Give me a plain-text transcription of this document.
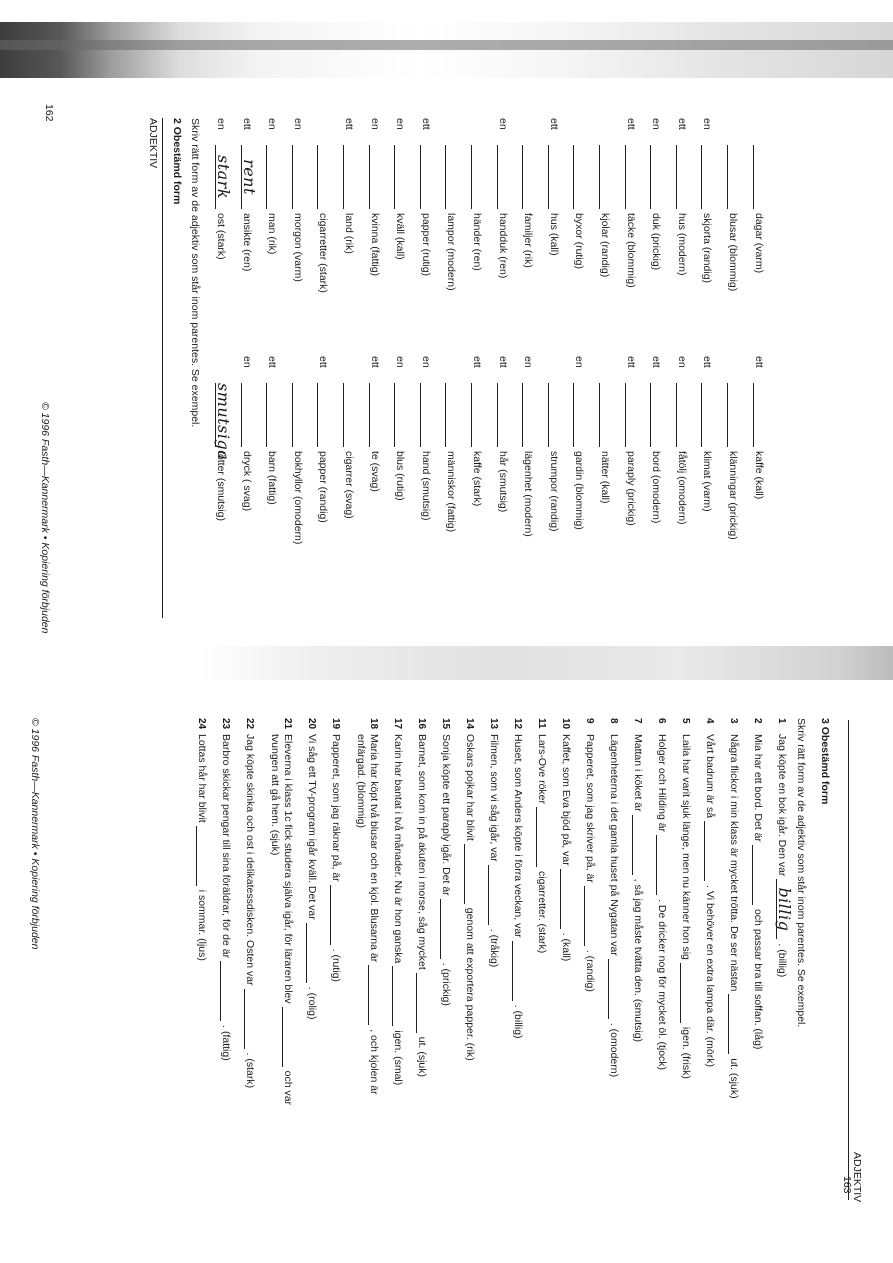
ADJEKTIV 2 Obestämd form Skriv rätt form av de adjektiv som står inom parentes. Se exempel. en
stark
ost (stark)
ett
rent
ansikte (ren)
en
man (rik)
en
morgon (varm) cigarretter (stark)
ett
land (rik)
en
kvinna (fattig)
en
kväll (kall)
ett
papper (rutig) lampor (modern) händer (ren)
en
handduk (ren) familjer (rik)
ett
hus (kall) byxor (rutig) kjolar (randig)
ett
täcke (blommig)
en
duk (prickig)
ett
hus (modern)
en
skjorta (randig) blusar (blommig) dagar (varm)
smutsiga
fötter (smutsig)
en
dryck ( svag)
ett
barn (fattig) bokhyllor (omodern)
ett
papper (randig) cigarrer (svag)
ett
te (svag)
en
blus (rutig)
en
hand (smutsig) människor (fattig)
ett
kaffe (stark)
ett
hår (smutsig)
en
lägenhet (modern) strumpor (randig)
en
gardin (blommig) nätter (kall)
ett
paraply (prickig)
ett
bord (omodern)
en
fåtölj (omodern)
ett
klimat (varm) klänningar (prickig)
ett
kaffe (kall)
162
© 1996 Fasth—Kannermark • Kopiering förbjuden
ADJEKTIV
3 Obestämd form
Skriv rätt form av de adjektiv som står inom parentes. Se exempel.
1
Jag köpte en bok igår. Den var
billig
. (billig)
2
Mia har ett bord. Det är
och passar bra till soffan. (låg)
3
Några flickor i min klass är mycket trötta. De ser nästan
ut. (sjuk)
4
Vårt badrum är så
. Vi behöver en extra lampa där. (mörk)
5
Laila har varit sjuk länge, men nu känner hon sig
igen. (frisk)
6
Holger och Hilding är
. De dricker nog för mycket öl. (tjock)
7
Mattan i köket är
, så jag måste tvätta den. (smutsig)
8
Lägenheterna i det gamla huset på Nygatan var
. (omodern)
9
Papperet, som jag skriver på, är
. (randig)
10
Kaffet, som Eva bjöd på, var
. (kall)
11
Lars-Ove röker
cigarretter. (stark)
12
Huset, som Anders köpte i förra veckan, var
. (billig)
13
Filmen, som vi såg igår, var
. (tråkig)
14
Oskars pojkar har blivit
genom att exportera papper. (rik)
15
Sonja köpte ett paraply igår. Det är
. (prickig)
16
Barnet, som kom in på akuten i morse, såg mycket
ut. (sjuk)
17
Karin har bantat i två månader. Nu är hon ganska
igen. (smal)
18
Maria har köpt två blusar och en kjol. Blusarna är
, och kjolen är
enfärgad. (blommig)
19
Papperet, som jag räknar på, är
. (rutig)
20
Vi såg ett TV-program igår kväll. Det var
. (rolig)
21
Eleverna i klass 1c fick studera själva igår, för läraren blev
och var
tvungen att gå hem. (sjuk)
22
Jag köpte skinka och ost i delikatessdisken. Osten var
. (stark)
23
Barbro skickar pengar till sina föräldrar, för de är
. (fattig)
24
Lottas hår har blivit
i sommar. (ljus)
163
© 1996 Fasth—Kannermark • Kopiering förbjuden
